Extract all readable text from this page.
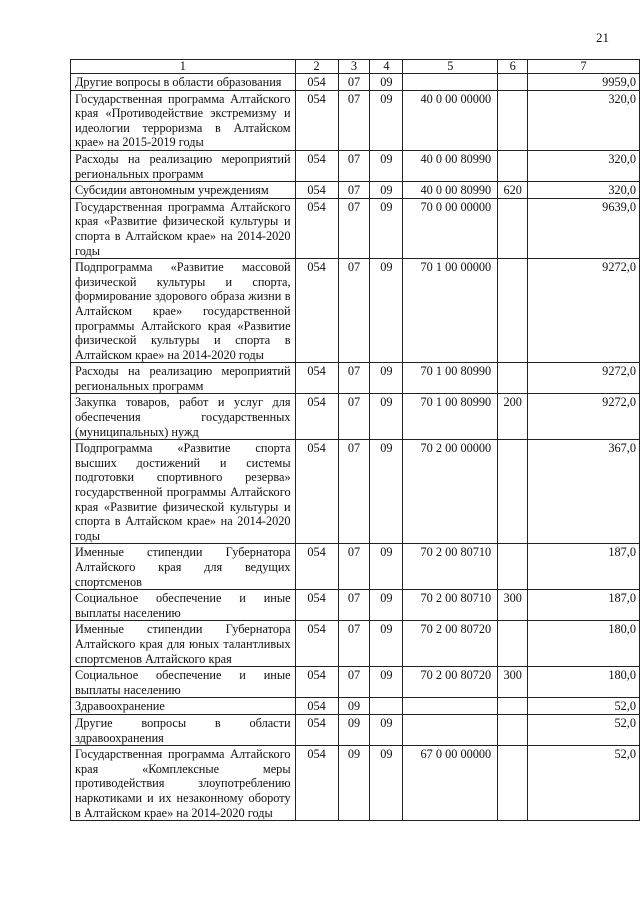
21
1	2	3	4	5	6	7
Другие вопросы в области образования	054	07	09			9959,0
Государственная программа Алтайского края «Противодействие экстремизму и идеологии терроризма в Алтайском крае» на 2015-2019 годы	054	07	09	40 0 00 00000		320,0
Расходы на реализацию мероприятий региональных программ	054	07	09	40 0 00 80990		320,0
Субсидии автономным учреждениям	054	07	09	40 0 00 80990	620	320,0
Государственная программа Алтайского края «Развитие физической культуры и спорта в Алтайском крае» на 2014-2020 годы	054	07	09	70 0 00 00000		9639,0
Подпрограмма «Развитие массовой физической культуры и спорта, формирование здорового образа жизни в Алтайском крае» государственной программы Алтайского края «Развитие физической культуры и спорта в Алтайском крае» на 2014-2020 годы	054	07	09	70 1 00 00000		9272,0
Расходы на реализацию мероприятий региональных программ	054	07	09	70 1 00 80990		9272,0
Закупка товаров, работ и услуг для обеспечения государственных (муниципальных) нужд	054	07	09	70 1 00 80990	200	9272,0
Подпрограмма «Развитие спорта высших достижений и системы подготовки спортивного резерва» государственной программы Алтайского края «Развитие физической культуры и спорта в Алтайском крае» на 2014-2020 годы	054	07	09	70 2 00 00000		367,0
Именные стипендии Губернатора Алтайского края для ведущих спортсменов	054	07	09	70 2 00 80710		187,0
Социальное обеспечение и иные выплаты населению	054	07	09	70 2 00 80710	300	187,0
Именные стипендии Губернатора Алтайского края для юных талантливых спортсменов Алтайского края	054	07	09	70 2 00 80720		180,0
Социальное обеспечение и иные выплаты населению	054	07	09	70 2 00 80720	300	180,0
Здравоохранение	054	09				52,0
Другие вопросы в области здравоохранения	054	09	09			52,0
Государственная программа Алтайского края «Комплексные меры противодействия злоупотреблению наркотиками и их незаконному обороту в Алтайском крае» на 2014-2020 годы	054	09	09	67 0 00 00000		52,0
